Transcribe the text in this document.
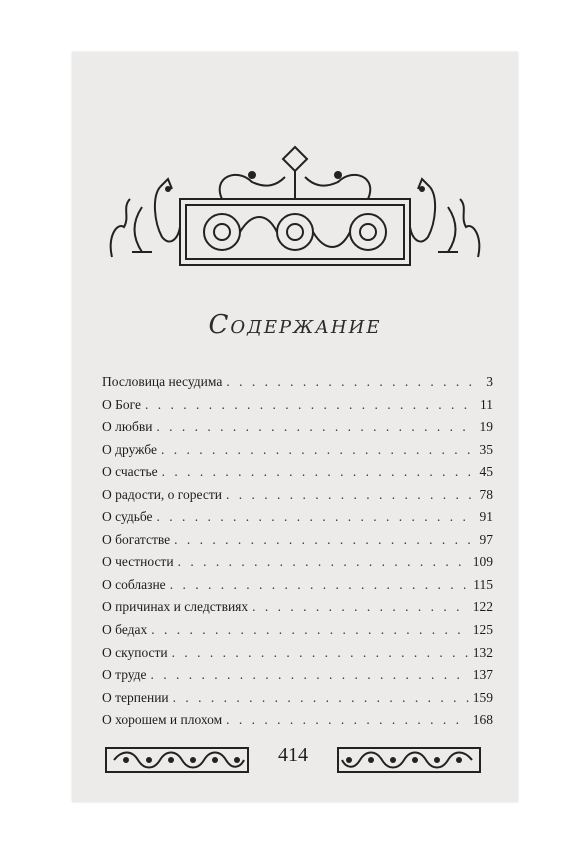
Содержание
Пословица несудима . . .	3
О Боге . . .	11
О любви . . .	19
О дружбе . . .	35
О счастье . . .	45
О радости, о горести . . .	78
О судьбе . . .	91
О богатстве . . .	97
О честности . . .	109
О соблазне . . .	115
О причинах и следствиях . . .	122
О бедах . . .	125
О скупости . . .	132
О труде . . .	137
О терпении . . .	159
О хорошем и плохом . . .	168
414
